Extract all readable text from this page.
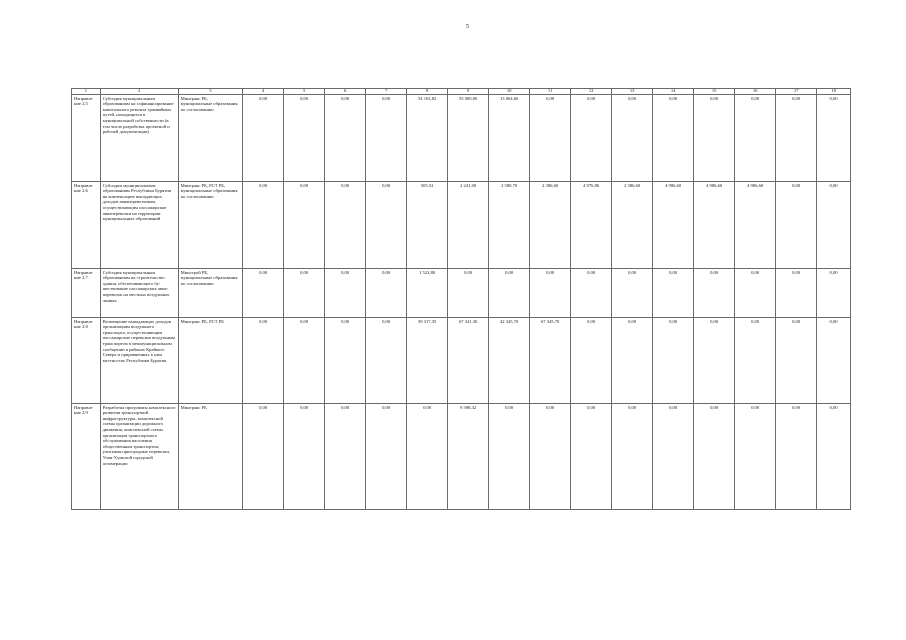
5
1	2	3	4	5	6	7	8	9	10	11	12	13	14	15	16	17	18
Направле ние 2.5	Субсидия муниципальным образованиям на софинансирование капитального ремонта трамвайных путей, находящихся в муниципальной собственности (в том числе разработка проектной и рабочей документации)	Минтранс РБ, муниципальные образования по согласованию	0,00	0,00	0,00	0,00	54 102,82	55 000,00	13 064,60	0,00	0,00	0,00	0,00	0,00	0,00	0,00	0,00
Направле ние 2.6	Субсидии муниципальным образованиям Республики Бурятия на компенсацию выпадающих доходов авиаперевозчикам, осуществляющим пассажирские авиаперевозки на территории муниципальных образований	Минтранс РБ, РСТ РБ, муниципальные образования по согласованию	0,00	0,00	0,00	0,00	505,52	2 241,00	2 580,70	2 386,60	4 976,86	2 386,60	4 986,60	4 986,60	4 986,60	0,00	0,00
Направле ние 2.7	Субсидия муниципальным образованиям на строительство здания, обеспечивающего бушествование пассажирских авиа-перевозок на местных воздушных линиях	Минстрой РБ, муниципальные образования по согласованию	0,00	0,00	0,00	0,00	1 522,80	0,00	0,00	0,00	0,00	0,00	0,00	0,00	0,00	0,00	0,00
Направле ние 2.8	Возмещение выпадающих доходов организациям воздушного транспорта, осуществляющим пассажирские перевозки воздушным транспортом в межмуниципальном сообщении в районах Крайнего Севера и приравненных к ним местностях Республики Бурятия	Минтранс РБ, РСТ РБ	0,00	0,00	0,00	0,00	39 317,35	67 341,30	42 345,70	67 345,70	0,00	0,00	0,00	0,00	0,00	0,00	0,00
Направле ние 2.9	Разработка программы комплексного развития транспортной инфраструктуры, комплексной схемы организации дорожного движения, комплексной схемы организации транспортного обслуживания населения общественным транспортом, учитывая пригородные перевозки, Улан-Удэнской городской агломерации	Минтранс РБ	0,00	0,00	0,00	0,00	0,00	9 398,32	0,00	0,00	0,00	0,00	0,00	0,00	0,00	0,00	0,00
